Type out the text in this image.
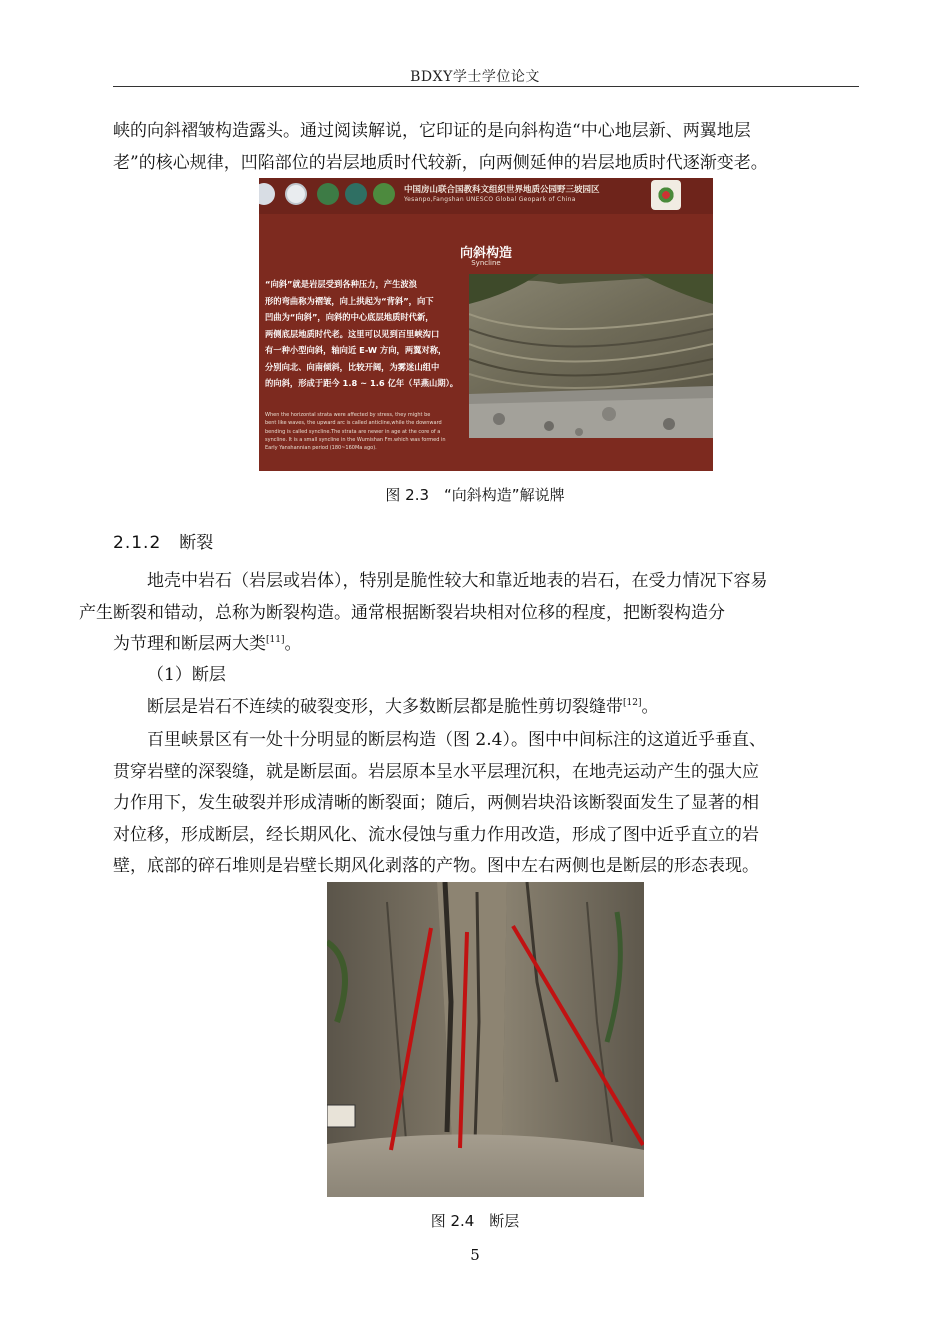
BDXY学士学位论文

峡的向斜褶皱构造露头。通过阅读解说，它印证的是向斜构造“中心地层新、两翼地层
老”的核心规律，凹陷部位的岩层地质时代较新，向两侧延伸的岩层地质时代逐渐变老。

中国房山联合国教科文组织世界地质公园野三坡园区
Yesanpo,Fangshan UNESCO Global Geopark of China
向斜构造
Syncline

“向斜”就是岩层受到各种压力，产生波浪
形的弯曲称为褶皱，向上拱起为“背斜”，向下
凹曲为“向斜”，向斜的中心底层地质时代新，
两侧底层地质时代老。这里可以见到百里峡沟口
有一种小型向斜，轴向近 E-W 方向，两翼对称，
分别向北、向南倾斜，比较开阔，为雾迷山组中
的向斜，形成于距今 1.8 ~ 1.6 亿年（早燕山期）。

When the horizontal strata were affected by stress, they might be
bent like waves, the upward arc is called anticline,while the downward
bending is called syncline.The strata are newer in age at the core of a
syncline. It is a small syncline in the Wumishan Fm.which was formed in
Early Yanshannian period (180~160Ma ago).

图 2.3　“向斜构造”解说牌
2.1.2 断裂

地壳中岩石（岩层或岩体），特别是脆性较大和靠近地表的岩石，在受力情况下容易
产生断裂和错动，总称为断裂构造。通常根据断裂岩块相对位移的程度，把断裂构造分
为节理和断层两大类[11]。

（1）断层

断层是岩石不连续的破裂变形，大多数断层都是脆性剪切裂缝带[12]。

百里峡景区有一处十分明显的断层构造（图 2.4）。图中中间标注的这道近乎垂直、
贯穿岩壁的深裂缝，就是断层面。岩层原本呈水平层理沉积，在地壳运动产生的强大应
力作用下，发生破裂并形成清晰的断裂面；随后，两侧岩块沿该断裂面发生了显著的相
对位移，形成断层，经长期风化、流水侵蚀与重力作用改造，形成了图中近乎直立的岩
壁，底部的碎石堆则是岩壁长期风化剥落的产物。图中左右两侧也是断层的形态表现。

图 2.4　断层
5
